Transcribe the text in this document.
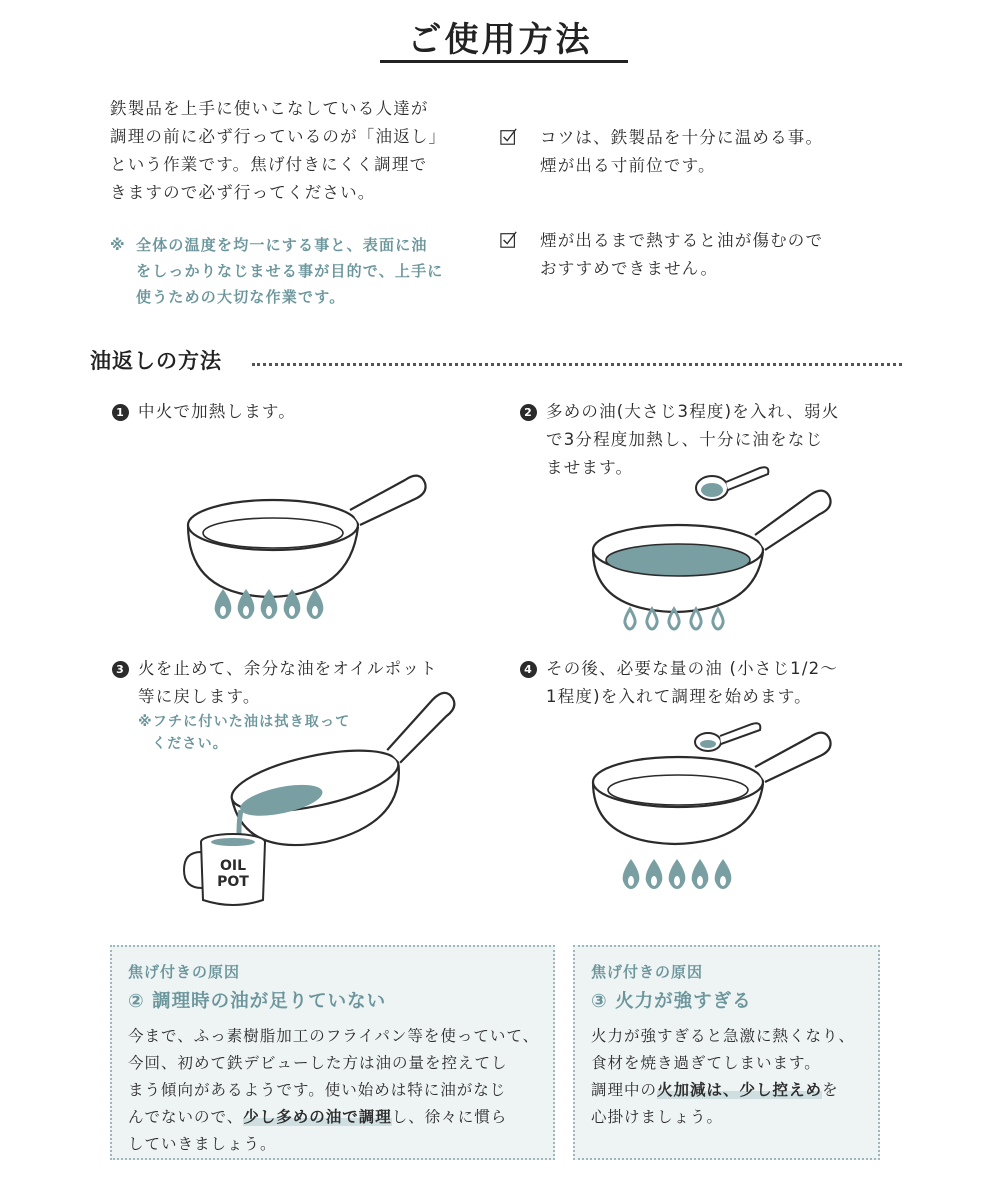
ご使用方法
鉄製品を上手に使いこなしている人達が
調理の前に必ず行っているのが「油返し」
という作業です。焦げ付きにくく調理で
きますので必ず行ってください。
※ 全体の温度を均一にする事と、表面に油
をしっかりなじませる事が目的で、上手に
使うための大切な作業です。
コツは、鉄製品を十分に温める事。
煙が出る寸前位です。
煙が出るまで熱すると油が傷むので
おすすめできません。
油返しの方法
1 中火で加熱します。	2 多めの油(大さじ3程度)を入れ、弱火
で3分程度加熱し、十分に油をなじ
ませます。
3 火を止めて、余分な油をオイルポット
等に戻します。
※フチに付いた油は拭き取って
ください。
4 その後、必要な量の油 (小さじ1/2〜
1程度)を入れて調理を始めます。
OIL
POT
焦げ付きの原因
② 調理時の油が足りていない
今まで、ふっ素樹脂加工のフライパン等を使っていて、
今回、初めて鉄デビューした方は油の量を控えてし
まう傾向があるようです。使い始めは特に油がなじ
んでないので、少し多めの油で調理し、徐々に慣ら
していきましょう。
焦げ付きの原因
③ 火力が強すぎる
火力が強すぎると急激に熱くなり、
食材を焼き過ぎてしまいます。
調理中の火加減は、少し控えめを
心掛けましょう。
